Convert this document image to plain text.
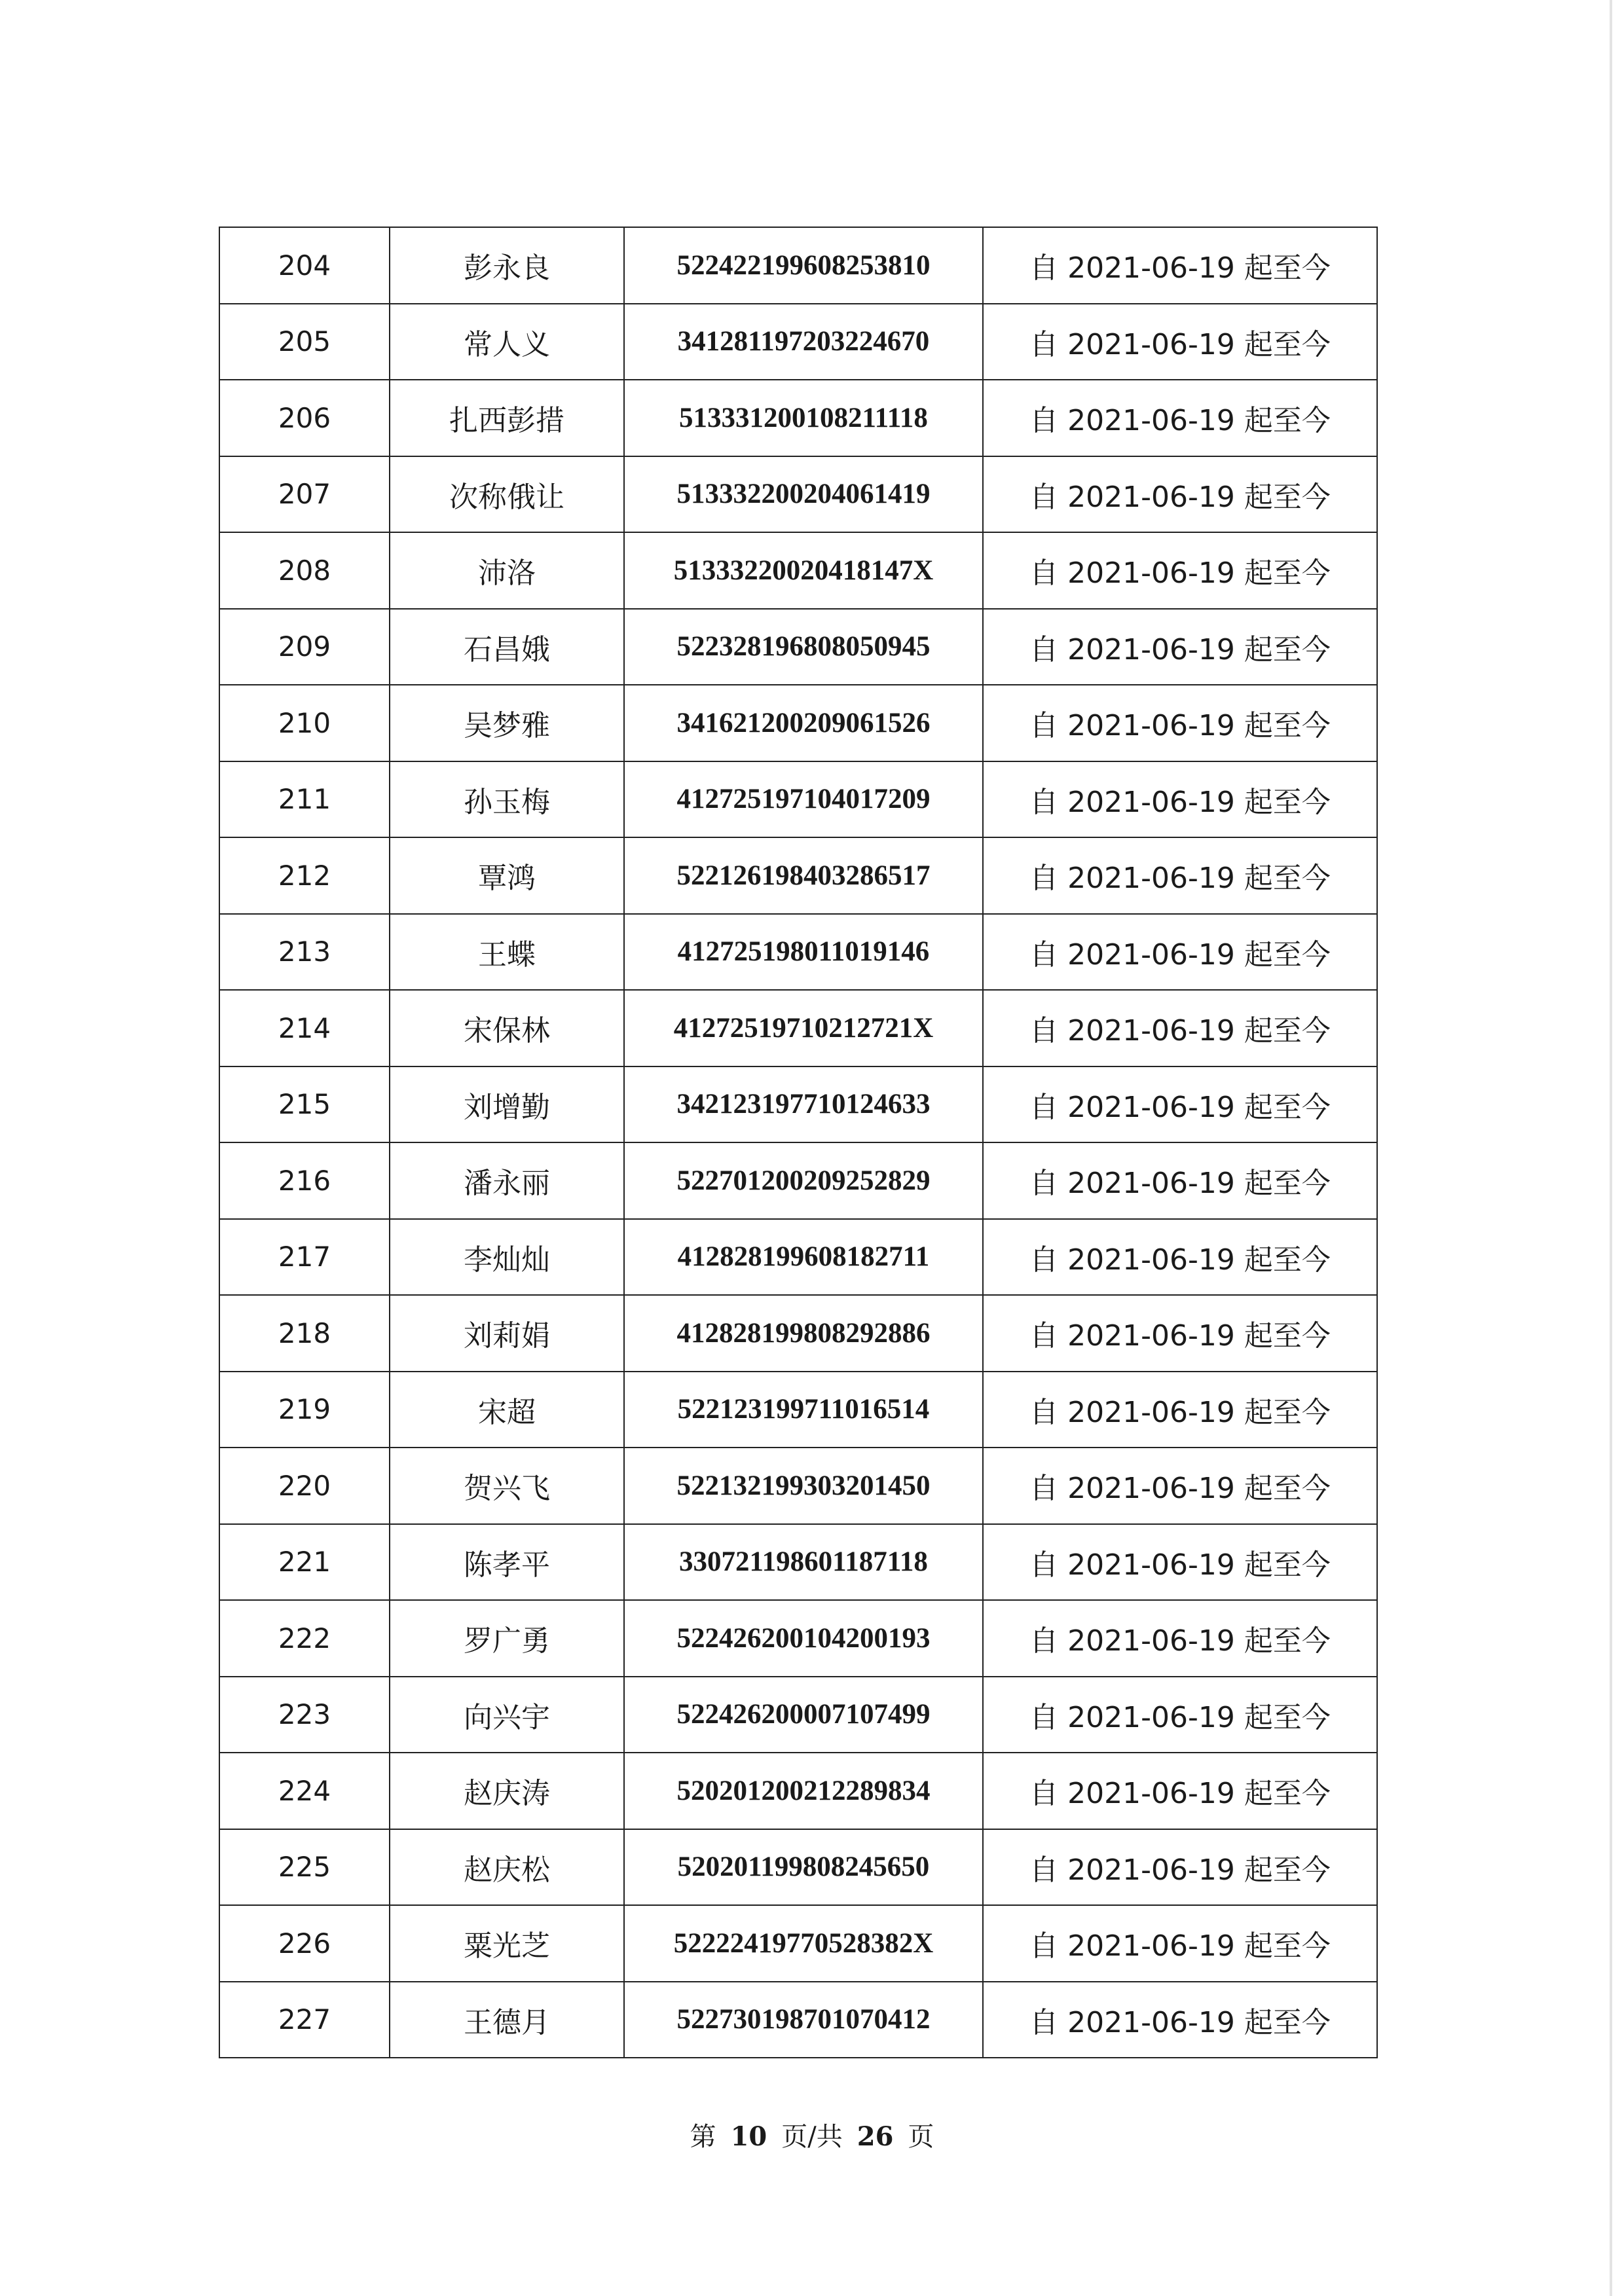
204	彭永良	522422199608253810	自 2021-06-19 起至今
205	常人义	341281197203224670	自 2021-06-19 起至今
206	扎西彭措	513331200108211118	自 2021-06-19 起至今
207	次称俄让	513332200204061419	自 2021-06-19 起至今
208	沛洛	51333220020418147X	自 2021-06-19 起至今
209	石昌娥	522328196808050945	自 2021-06-19 起至今
210	吴梦雅	341621200209061526	自 2021-06-19 起至今
211	孙玉梅	412725197104017209	自 2021-06-19 起至今
212	覃鸿	522126198403286517	自 2021-06-19 起至今
213	王蝶	412725198011019146	自 2021-06-19 起至今
214	宋保林	41272519710212721X	自 2021-06-19 起至今
215	刘增勤	342123197710124633	自 2021-06-19 起至今
216	潘永丽	522701200209252829	自 2021-06-19 起至今
217	李灿灿	412828199608182711	自 2021-06-19 起至今
218	刘莉娟	412828199808292886	自 2021-06-19 起至今
219	宋超	522123199711016514	自 2021-06-19 起至今
220	贺兴飞	522132199303201450	自 2021-06-19 起至今
221	陈孝平	330721198601187118	自 2021-06-19 起至今
222	罗广勇	522426200104200193	自 2021-06-19 起至今
223	向兴宇	522426200007107499	自 2021-06-19 起至今
224	赵庆涛	520201200212289834	自 2021-06-19 起至今
225	赵庆松	520201199808245650	自 2021-06-19 起至今
226	粟光芝	52222419770528382X	自 2021-06-19 起至今
227	王德月	522730198701070412	自 2021-06-19 起至今
第 10 页/共 26 页
